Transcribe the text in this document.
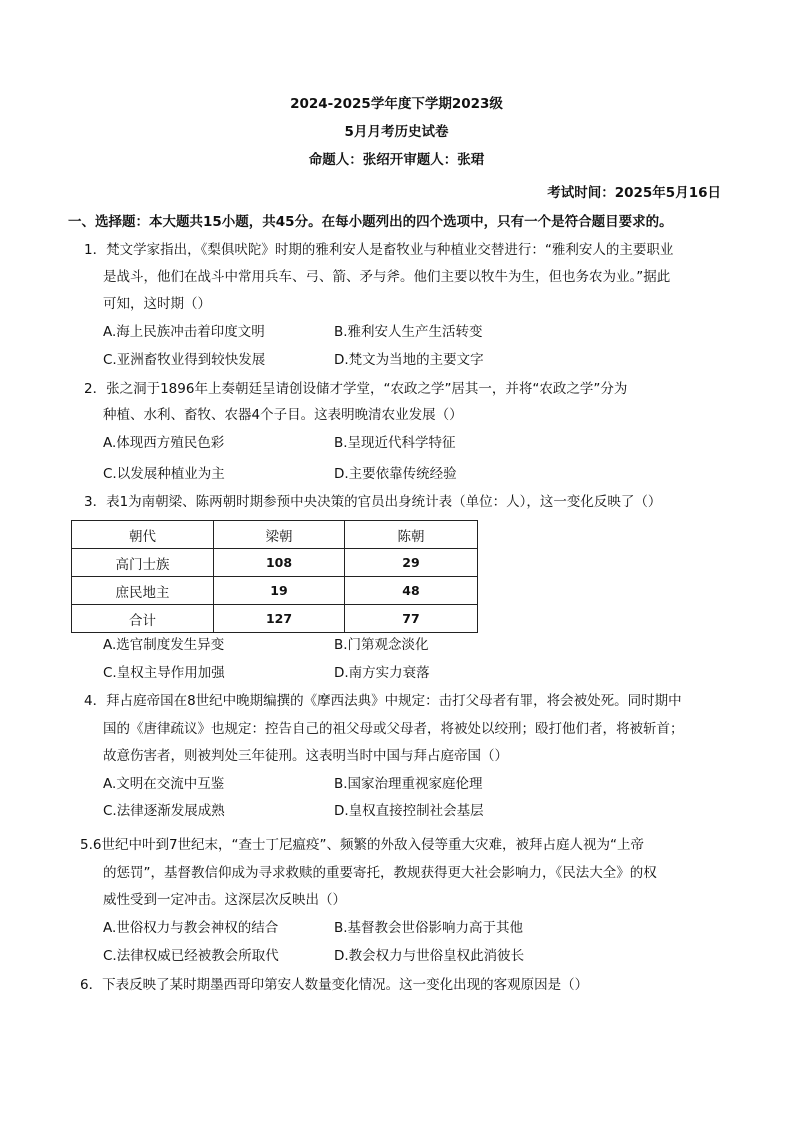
2024-2025学年度下学期2023级
5月月考历史试卷
命题人：张绍开审题人：张珺
考试时间：2025年5月16日
一、选择题：本大题共15小题，共45分。在每小题列出的四个选项中，只有一个是符合题目要求的。
1．梵文学家指出，《梨俱吠陀》时期的雅利安人是畜牧业与种植业交替进行：“雅利安人的主要职业
是战斗，他们在战斗中常用兵车、弓、箭、矛与斧。他们主要以牧牛为生，但也务农为业。”据此
可知，这时期（）
A.海上民族冲击着印度文明	B.雅利安人生产生活转变
C.亚洲畜牧业得到较快发展	D.梵文为当地的主要文字
2．张之洞于1896年上奏朝廷呈请创设储才学堂，“农政之学”居其一，并将“农政之学”分为
种植、水利、畜牧、农器4个子目。这表明晚清农业发展（）
A.体现西方殖民色彩	B.呈现近代科学特征
C.以发展种植业为主	D.主要依靠传统经验
3．表1为南朝梁、陈两朝时期参预中央决策的官员出身统计表（单位：人），这一变化反映了（）
朝代	梁朝	陈朝
高门士族	108	29
庶民地主	19	48
合计	127	77
A.选官制度发生异变	B.门第观念淡化
C.皇权主导作用加强	D.南方实力衰落
4．拜占庭帝国在8世纪中晚期编撰的《摩西法典》中规定：击打父母者有罪，将会被处死。同时期中
国的《唐律疏议》也规定：控告自己的祖父母或父母者，将被处以绞刑；殴打他们者，将被斩首；
故意伤害者，则被判处三年徒刑。这表明当时中国与拜占庭帝国（）
A.文明在交流中互鉴	B.国家治理重视家庭伦理
C.法律逐渐发展成熟	D.皇权直接控制社会基层
5.6世纪中叶到7世纪末，“查士丁尼瘟疫”、频繁的外敌入侵等重大灾难，被拜占庭人视为“上帝
的惩罚”，基督教信仰成为寻求救赎的重要寄托，教规获得更大社会影响力，《民法大全》的权
威性受到一定冲击。这深层次反映出（）
A.世俗权力与教会神权的结合	B.基督教会世俗影响力高于其他
C.法律权威已经被教会所取代	D.教会权力与世俗皇权此消彼长
6．下表反映了某时期墨西哥印第安人数量变化情况。这一变化出现的客观原因是（）
